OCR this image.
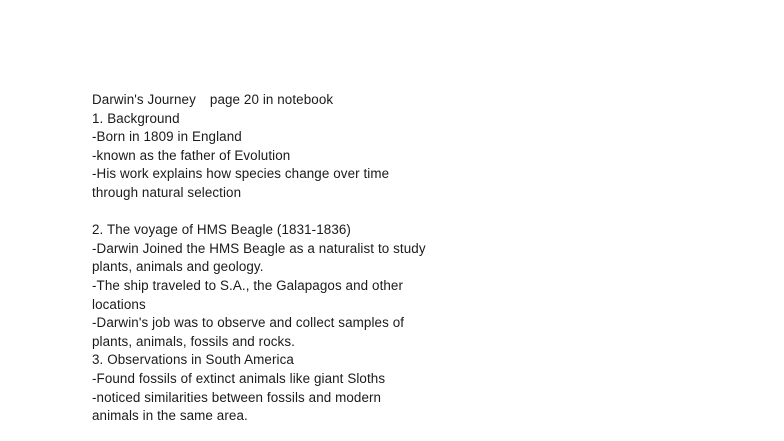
Darwin's Journey page 20 in notebook
1. Background
-Born in 1809 in England
-known as the father of Evolution
-His work explains how species change over time
through natural selection
2. The voyage of HMS Beagle (1831-1836)
-Darwin Joined the HMS Beagle as a naturalist to study
plants, animals and geology.
-The ship traveled to S.A., the Galapagos and other
locations
-Darwin's job was to observe and collect samples of
plants, animals, fossils and rocks.
3. Observations in South America
-Found fossils of extinct animals like giant Sloths
-noticed similarities between fossils and modern
animals in the same area.
